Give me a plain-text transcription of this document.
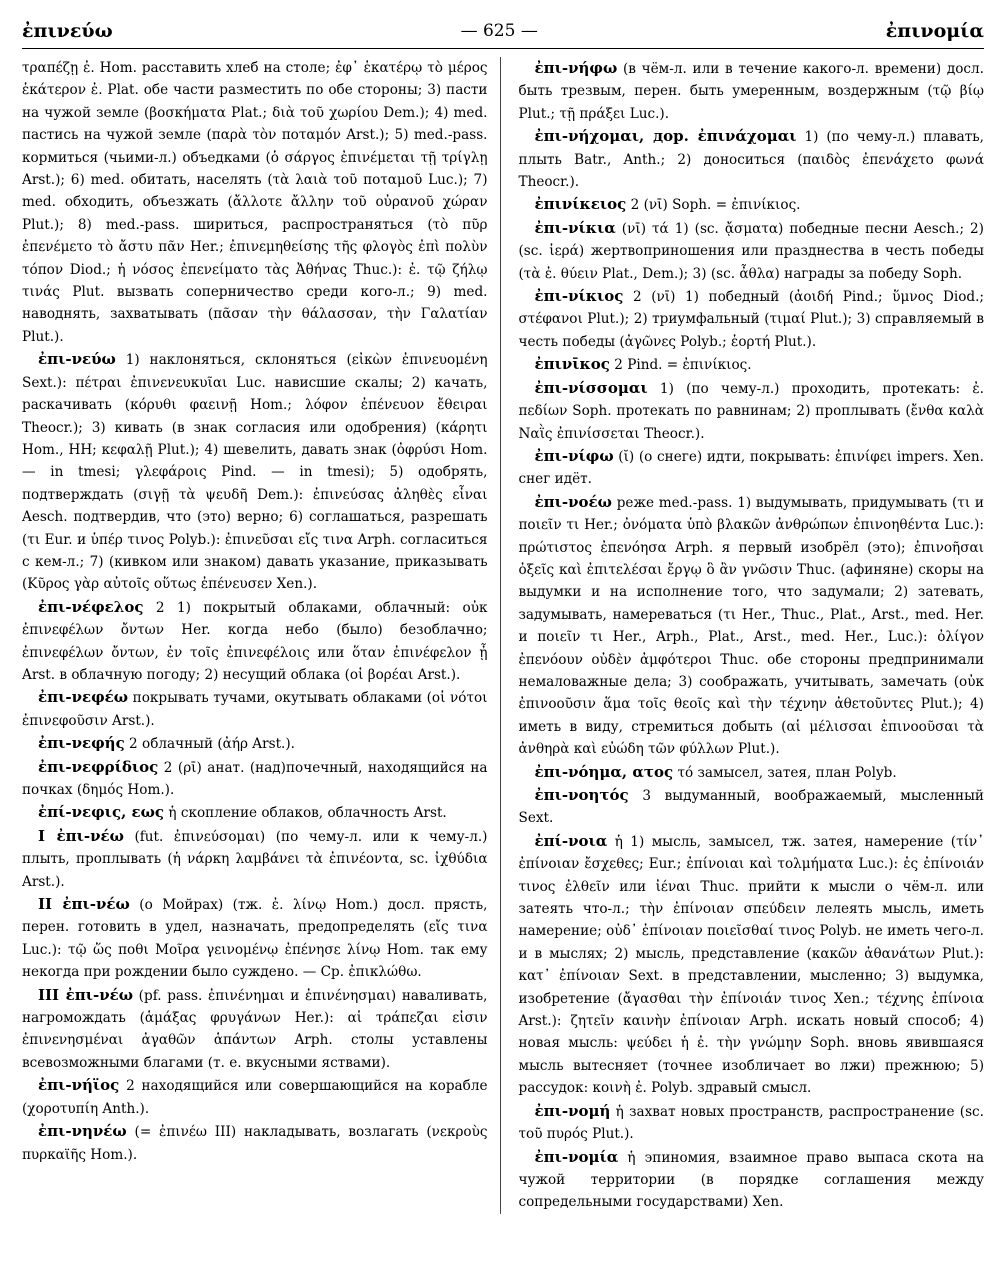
ἐπινεύω	— 625 —	ἐπινομία

τραπέζῃ ἐ. Hom. расставить хлеб на столе; ἐφ᾽ ἑκατέρῳ τὸ μέρος ἑκάτερον ἐ. Plat. обе части разместить по обе стороны; 3) пасти на чужой земле (βοσκήματα Plat.; διὰ τοῦ χωρίου Dem.); 4) med. пастись на чужой земле (παρὰ τὸν ποταμόν Arst.); 5) med.-pass. кормиться (чьими-л.) объедками (ὁ σάργος ἐπινέμεται τῇ τρίγλῃ Arst.); 6) med. обитать, населять (τὰ λαιὰ τοῦ ποταμοῦ Luc.); 7) med. обходить, объезжать (ἄλλοτε ἄλλην τοῦ οὐρανοῦ χώραν Plut.); 8) med.-pass. шириться, распространяться (τὸ πῦρ ἐπενέμετο τὸ ἄστυ πᾶν Her.; ἐπινεμηθείσης τῆς φλογὸς ἐπὶ πολὺν τόπον Diod.; ἡ νόσος ἐπενείματο τὰς Ἀθήνας Thuc.): ἐ. τῷ ζήλῳ τινάς Plut. вызвать соперничество среди кого-л.; 9) med. наводнять, захватывать (πᾶσαν τὴν θάλασσαν, τὴν Γαλατίαν Plut.).

ἐπι-νεύω 1) наклоняться, склоняться (εἰκὼν ἐπινευομένη Sext.): πέτραι ἐπινενευκυῖαι Luc. нависшие скалы; 2) качать, раскачивать (κόρυθι φαεινῇ Hom.; λόφον ἐπένευον ἔθειραι Theocr.); 3) кивать (в знак согласия или одобрения) (κάρητι Hom., HH; κεφαλῇ Plut.); 4) шевелить, давать знак (ὀφρύσι Hom. — in tmesi; γλεφάροις Pind. — in tmesi); 5) одобрять, подтверждать (σιγῇ τὰ ψευδῆ Dem.): ἐπινεύσας ἀληθὲς εἶναι Aesch. подтвердив, что (это) верно; 6) соглашаться, разрешать (τι Eur. и ὑπέρ τινος Polyb.): ἐπινεῦσαι εἴς τινα Arph. согласиться с кем-л.; 7) (кивком или знаком) давать указание, приказывать (Κῦρος γὰρ αὐτοῖς οὕτως ἐπένευσεν Xen.).

ἐπι-νέφελος 2 1) покрытый облаками, облачный: οὐκ ἐπινεφέλων ὄντων Her. когда небо (было) безоблачно; ἐπινεφέλων ὄντων, ἐν τοῖς ἐπινεφέλοις или ὅταν ἐπινέφελον ᾖ Arst. в облачную погоду; 2) несущий облака (οἱ βορέαι Arst.).

ἐπι-νεφέω покрывать тучами, окутывать облаками (οἱ νότοι ἐπινεφοῦσιν Arst.).

ἐπι-νεφής 2 облачный (ἀήρ Arst.).

ἐπι-νεφρίδιος 2 (ρῑ) анат. (над)почечный, находящийся на почках (δημός Hom.).

ἐπί-νεφις, εως ἡ скопление облаков, облачность Arst.

I ἐπι-νέω (fut. ἐπινεύσομαι) (по чему-л. или к чему-л.) плыть, проплывать (ἡ νάρκη λαμβάνει τὰ ἐπινέοντα, sc. ἰχθύδια Arst.).

II ἐπι-νέω (о Мойрах) (тж. ἐ. λίνῳ Hom.) досл. прясть, перен. готовить в удел, назначать, предопределять (εἴς τινα Luc.): τῷ ὥς ποθι Μοῖρα γεινομένῳ ἐπένησε λίνῳ Hom. так ему некогда при рождении было суждено. — Ср. ἐπικλώθω.

III ἐπι-νέω (pf. pass. ἐπινένημαι и ἐπινένησμαι) наваливать, нагромождать (ἁμάξας φρυγάνων Her.): αἱ τράπεζαι εἰσιν ἐπινενησμέναι ἀγαθῶν ἁπάντων Arph. столы уставлены всевозможными благами (т. е. вкусными яствами).

ἐπι-νήϊος 2 находящийся или совершающийся на корабле (χοροτυπίη Anth.).

ἐπι-νηνέω (= ἐπινέω III) накладывать, возлагать (νεκροὺς πυρκαϊῆς Hom.).

ἐπι-νήφω (в чём-л. или в течение какого-л. времени) досл. быть трезвым, перен. быть умеренным, воздержным (τῷ βίῳ Plut.; τῇ πράξει Luc.).

ἐπι-νήχομαι, дор. ἐπινάχομαι 1) (по чему-л.) плавать, плыть Batr., Anth.; 2) доноситься (παιδὸς ἐπενάχετο φωνά Theocr.).

ἐπινίκειος 2 (νῑ) Soph. = ἐπινίκιος.

ἐπι-νίκια (νῑ) τά 1) (sc. ᾄσματα) победные песни Aesch.; 2) (sc. ἱερά) жертвоприношения или празднества в честь победы (τὰ ἐ. θύειν Plat., Dem.); 3) (sc. ἆθλα) награды за победу Soph.

ἐπι-νίκιος 2 (νῑ) 1) победный (ἀοιδή Pind.; ὕμνος Diod.; στέφανοι Plut.); 2) триумфальный (τιμαί Plut.); 3) справляемый в честь победы (ἀγῶνες Polyb.; ἑορτή Plut.).

ἐπινῑκος 2 Pind. = ἐπινίκιος.

ἐπι-νίσσομαι 1) (по чему-л.) проходить, протекать: ἐ. πεδίων Soph. протекать по равнинам; 2) проплывать (ἔνθα καλὰ Ναῒς ἐπινίσσεται Theocr.).

ἐπι-νίφω (ῐ) (о снеге) идти, покрывать: ἐπινίφει impers. Xen. снег идёт.

ἐπι-νοέω реже med.-pass. 1) выдумывать, придумывать (τι и ποιεῖν τι Her.; ὀνόματα ὑπὸ βλακῶν ἀνθρώπων ἐπινοηθέντα Luc.): πρώτιστος ἐπενόησα Arph. я первый изобрёл (это); ἐπινοῆσαι ὀξεῖς καὶ ἐπιτελέσαι ἔργῳ ὃ ἂν γνῶσιν Thuc. (афиняне) скоры на выдумки и на исполнение того, что задумали; 2) затевать, задумывать, намереваться (τι Her., Thuc., Plat., Arst., med. Her. и ποιεῖν τι Her., Arph., Plat., Arst., med. Her., Luc.): ὀλίγον ἐπενόουν οὐδὲν ἀμφότεροι Thuc. обе стороны предпринимали немаловажные дела; 3) соображать, учитывать, замечать (οὐκ ἐπινοοῦσιν ἅμα τοῖς θεοῖς καὶ τὴν τέχνην ἀθετοῦντες Plut.); 4) иметь в виду, стремиться добыть (αἱ μέλισσαι ἐπινοοῦσαι τὰ ἀνθηρὰ καὶ εὐώδη τῶν φύλλων Plut.).

ἐπι-νόημα, ατος τό замысел, затея, план Polyb.

ἐπι-νοητός 3 выдуманный, воображаемый, мысленный Sext.

ἐπί-νοια ἡ 1) мысль, замысел, тж. затея, намерение (τίν᾽ ἐπίνοιαν ἔσχεθες; Eur.; ἐπίνοιαι καὶ τολμήματα Luc.): ἐς ἐπίνοιάν τινος ἐλθεῖν или ἰέναι Thuc. прийти к мысли о чём-л. или затеять что-л.; τὴν ἐπίνοιαν σπεύδειν лелеять мысль, иметь намерение; οὐδ᾽ ἐπίνοιαν ποιεῖσθαί τινος Polyb. не иметь чего-л. и в мыслях; 2) мысль, представление (κακῶν ἀθανάτων Plut.): κατ᾽ ἐπίνοιαν Sext. в представлении, мысленно; 3) выдумка, изобретение (ἄγασθαι τὴν ἐπίνοιάν τινος Xen.; τέχνης ἐπίνοια Arst.): ζητεῖν καινὴν ἐπίνοιαν Arph. искать новый способ; 4) новая мысль: ψεύδει ἡ ἐ. τὴν γνώμην Soph. вновь явившаяся мысль вытесняет (точнее изобличает во лжи) прежнюю; 5) рассудок: κοινὴ ἐ. Polyb. здравый смысл.

ἐπι-νομή ἡ захват новых пространств, распространение (sc. τοῦ πυρός Plut.).

ἐπι-νομία ἡ эпиномия, взаимное право выпаса скота на чужой территории (в порядке соглашения между сопредельными государствами) Xen.
